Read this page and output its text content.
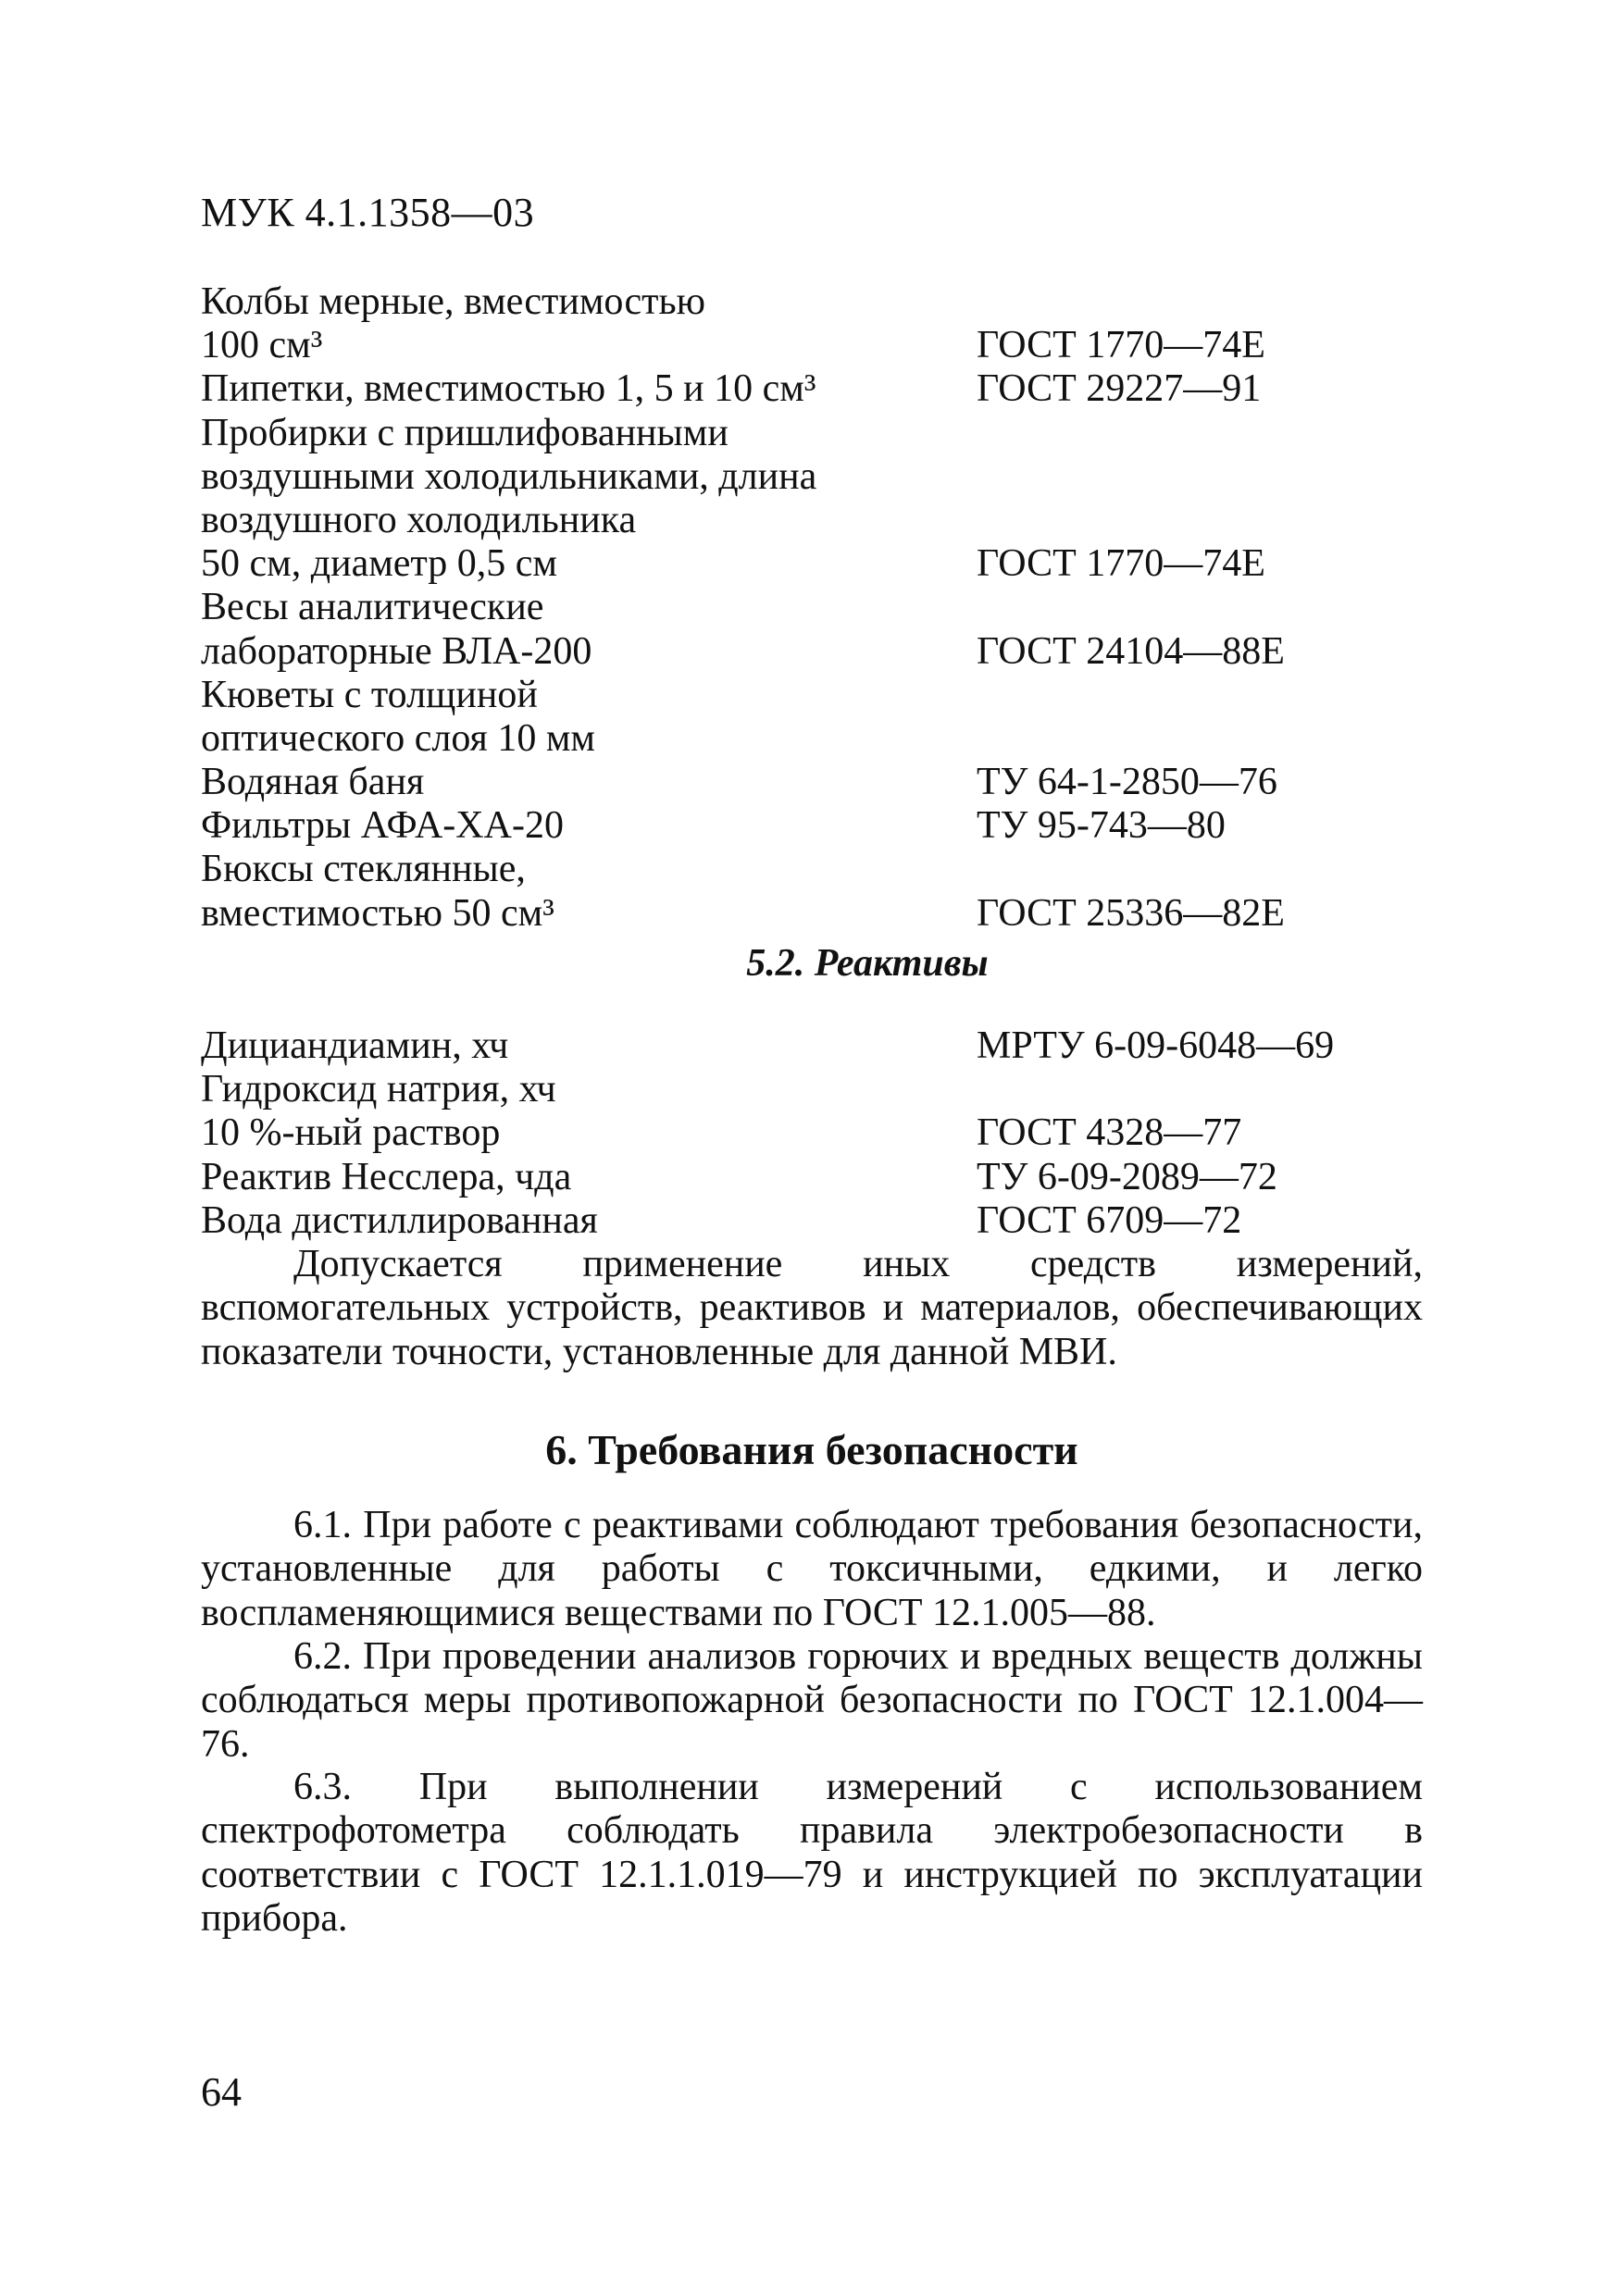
МУК 4.1.1358—03
Колбы мерные, вместимостью
100 см³	ГОСТ 1770—74Е
Пипетки, вместимостью 1, 5 и 10 см³	ГОСТ 29227—91
Пробирки с пришлифованными
воздушными холодильниками, длина
воздушного холодильника
50 см, диаметр 0,5 см	ГОСТ 1770—74Е
Весы аналитические
лабораторные ВЛА-200	ГОСТ 24104—88Е
Кюветы с толщиной
оптического слоя 10 мм
Водяная баня	ТУ 64-1-2850—76
Фильтры АФА-ХА-20	ТУ 95-743—80
Бюксы стеклянные,
вместимостью 50 см³	ГОСТ 25336—82Е
5.2. Реактивы
Дициандиамин, хч	МРТУ 6-09-6048—69
Гидроксид натрия, хч
10 %-ный раствор	ГОСТ 4328—77
Реактив Несслера, чда	ТУ 6-09-2089—72
Вода дистиллированная	ГОСТ 6709—72
Допускается применение иных средств измерений, вспомогательных устройств, реактивов и материалов, обеспечивающих показатели точности, установленные для данной МВИ.
6. Требования безопасности
6.1. При работе с реактивами соблюдают требования безопасности, установленные для работы с токсичными, едкими, и легко воспламеняющимися веществами по ГОСТ 12.1.005—88.
6.2. При проведении анализов горючих и вредных веществ должны соблюдаться меры противопожарной безопасности по ГОСТ 12.1.004—76.
6.3. При выполнении измерений с использованием спектрофотометра соблюдать правила электробезопасности в соответствии с ГОСТ 12.1.1.019—79 и инструкцией по эксплуатации прибора.
64
